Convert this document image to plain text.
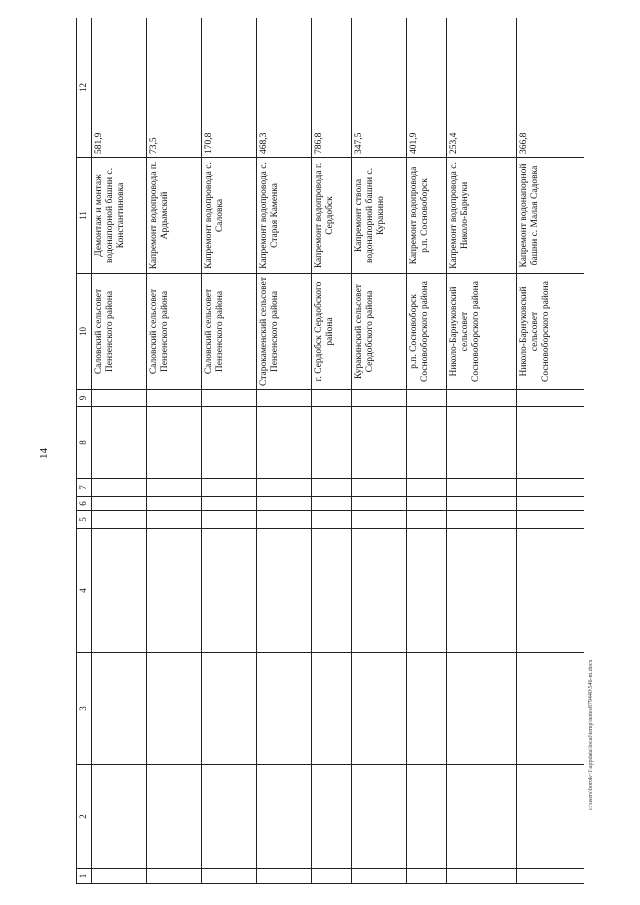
14
c:\users\borok~1\appdata\local\temp\notes879440\546-m.docx
1	2	3	4	5	6	7	8	9	10	11	12
									Саловский сельсовет Пензенского района	Демонтаж и монтаж водонапорной башни с. Константиновка	581,9
									Саловский сельсовет Пензенского района	Капремонт водопровода п. Ардымский	73,5
									Саловский сельсовет Пензенского района	Капремонт водопровода с. Саловка	170,8
									Старокаменский сельсовет Пензенского района	Капремонт водопровода с. Старая Каменка	468,3
									г. Сердобск Сердобского района	Капремонт водопровода г. Сердобск	786,8
									Куракинский сельсовет Сердобского района	Капремонт ствола водонапорной башни с. Куракино	347,5
									р.п. Сосновоборск Сосновоборского района	Капремонт водопровода р.п. Сосновоборск	401,9
									Николо-Барнуковский сельсовет Сосновоборского района	Капремонт водопровода с. Николо-Барнуки	253,4
									Николо-Барнуковский сельсовет Сосновоборского района	Капремонт водонапорной башни с. Малая Садовка	366,8
